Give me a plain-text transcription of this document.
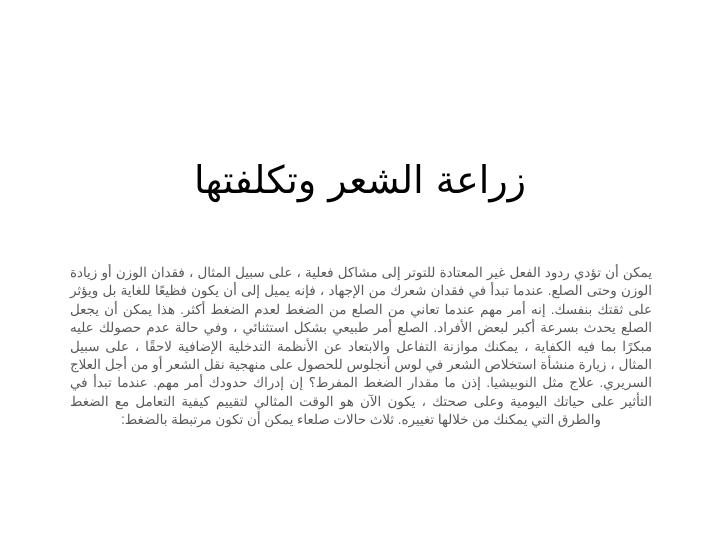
زراعة الشعر وتكلفتها

يمكن أن تؤدي ردود الفعل غير المعتادة للتوتر إلى مشاكل فعلية ، على سبيل المثال ، فقدان الوزن أو زيادة الوزن وحتى الصلع. عندما تبدأ في فقدان شعرك من الإجهاد ، فإنه يميل إلى أن يكون فظيعًا للغاية بل ويؤثر على ثقتك بنفسك. إنه أمر مهم عندما تعاني من الصلع من الضغط لعدم الضغط أكثر. هذا يمكن أن يجعل الصلع يحدث بسرعة أكبر لبعض الأفراد. الصلع أمر طبيعي بشكل استثنائي ، وفي حالة عدم حصولك عليه مبكرًا بما فيه الكفاية ، يمكنك موازنة التفاعل والابتعاد عن الأنظمة التدخلية الإضافية لاحقًا ، على سبيل المثال ، زيارة منشأة استخلاص الشعر في لوس أنجلوس للحصول على منهجية نقل الشعر أو من أجل العلاج السريري. علاج مثل النوبيشيا. إذن ما مقدار الضغط المفرط؟ إن إدراك حدودك أمر مهم. عندما تبدأ في التأثير على حياتك اليومية وعلى صحتك ، يكون الآن هو الوقت المثالي لتقييم كيفية التعامل مع الضغط والطرق التي يمكنك من خلالها تغييره. ثلاث حالات صلعاء يمكن أن تكون مرتبطة بالضغط:
